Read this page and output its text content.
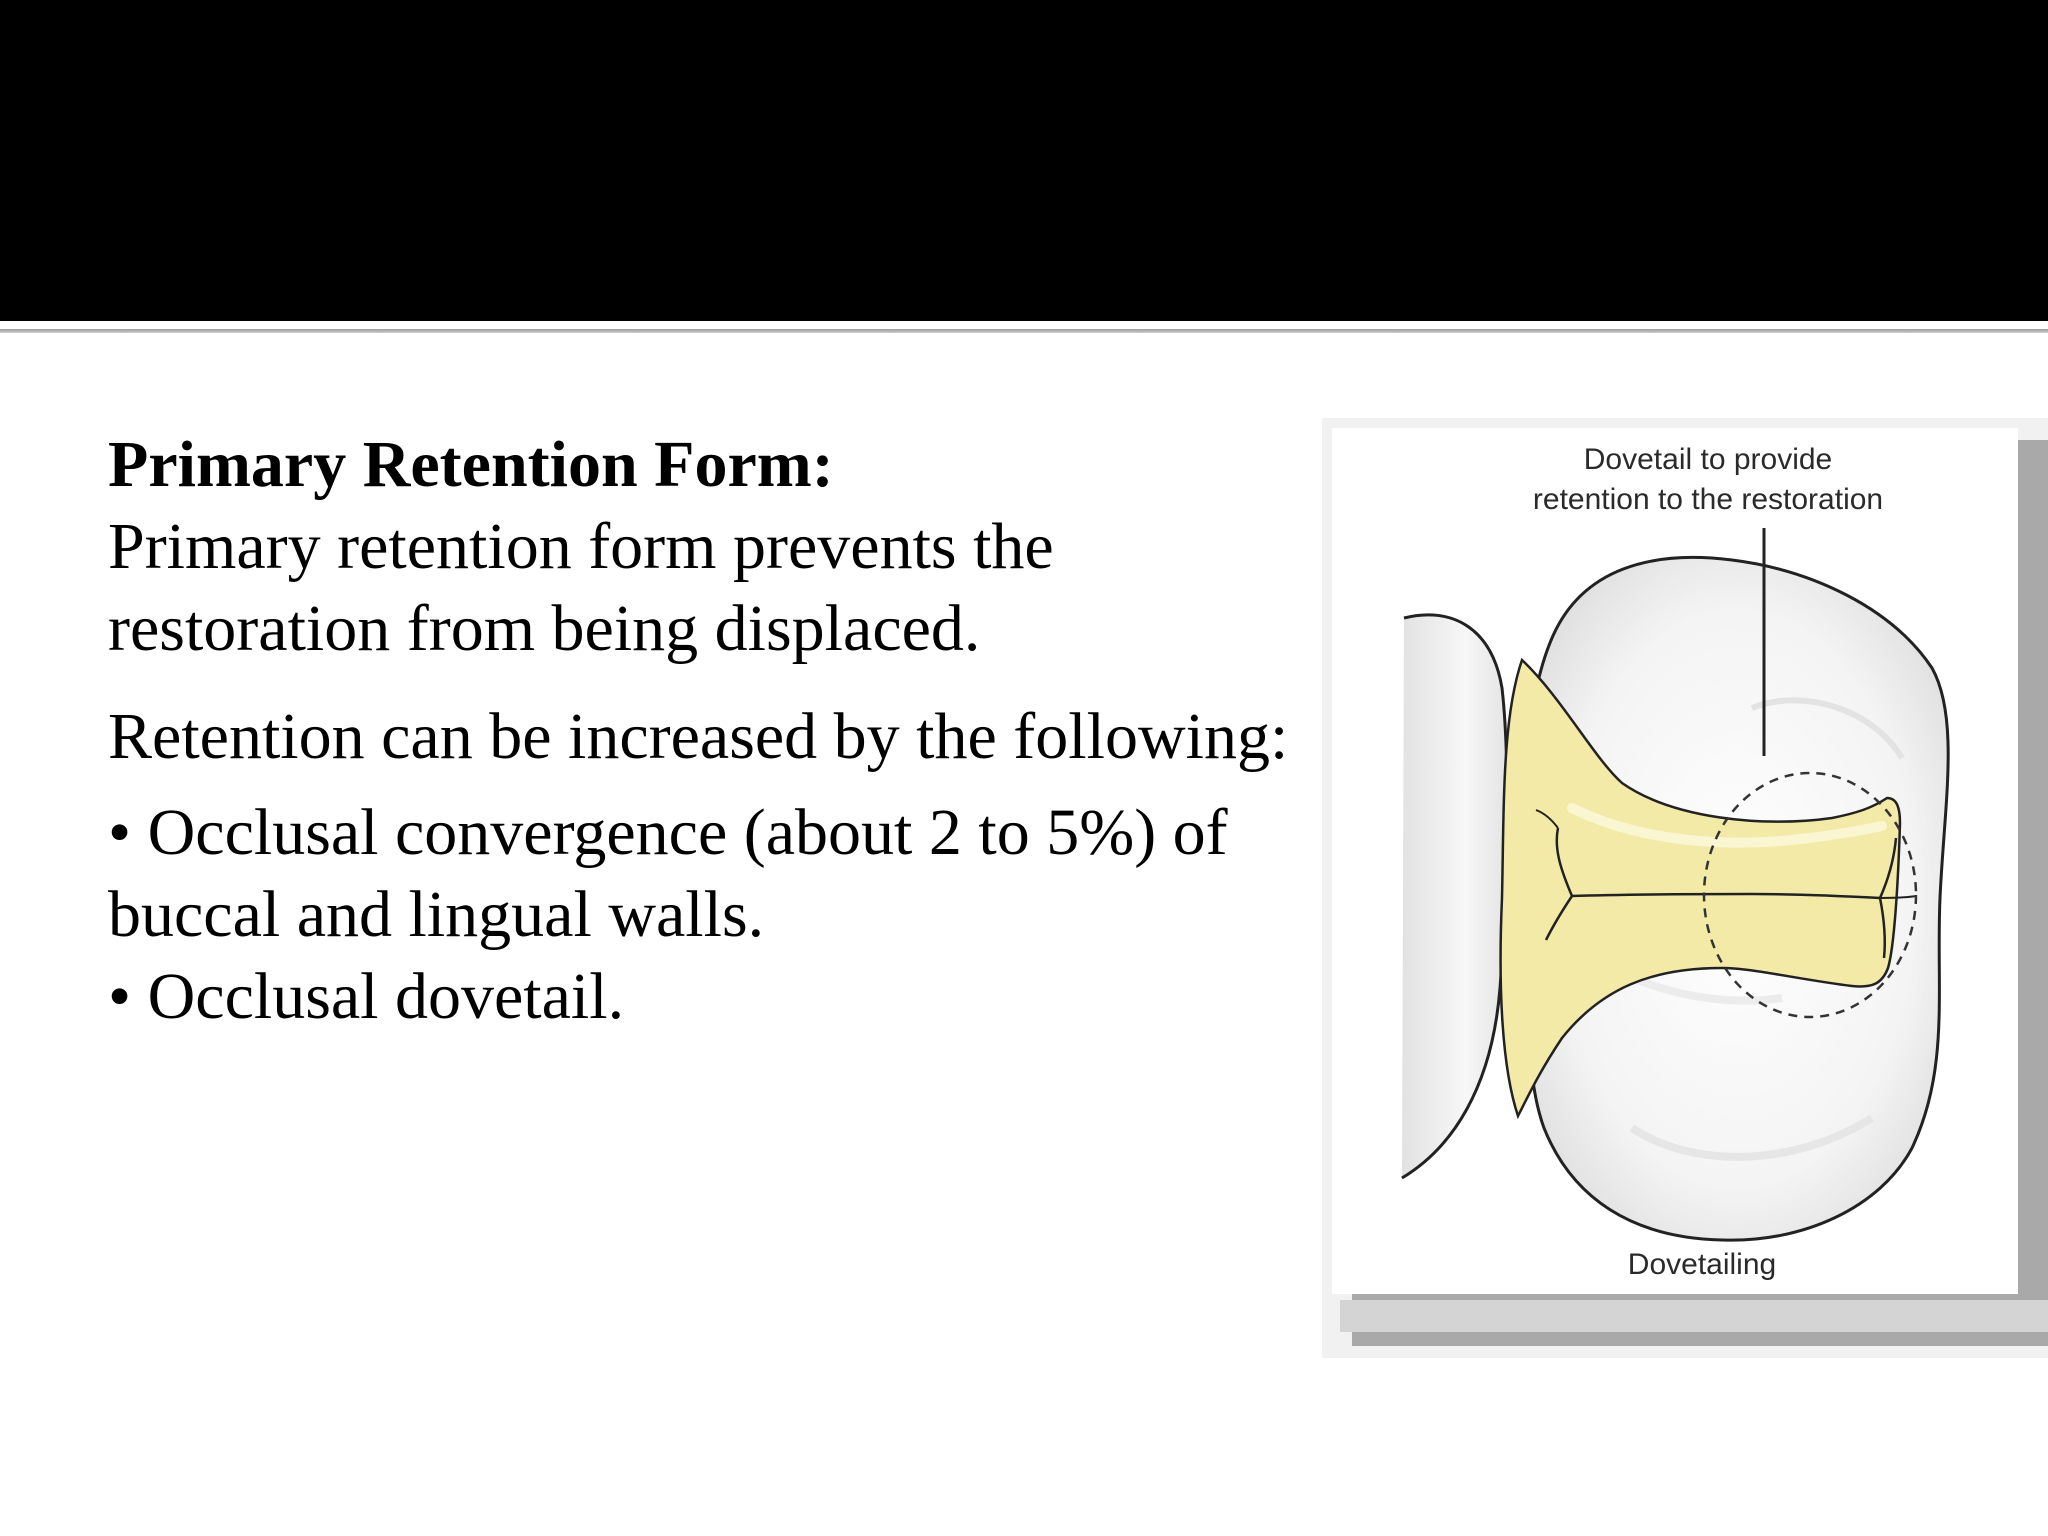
Primary Retention Form:

Primary retention form prevents the

restoration from being displaced.

Retention can be increased by the following:

• Occlusal convergence (about 2 to 5%) of

buccal and lingual walls.

• Occlusal dovetail.

Dovetail to provide
retention to the restoration
Dovetailing
